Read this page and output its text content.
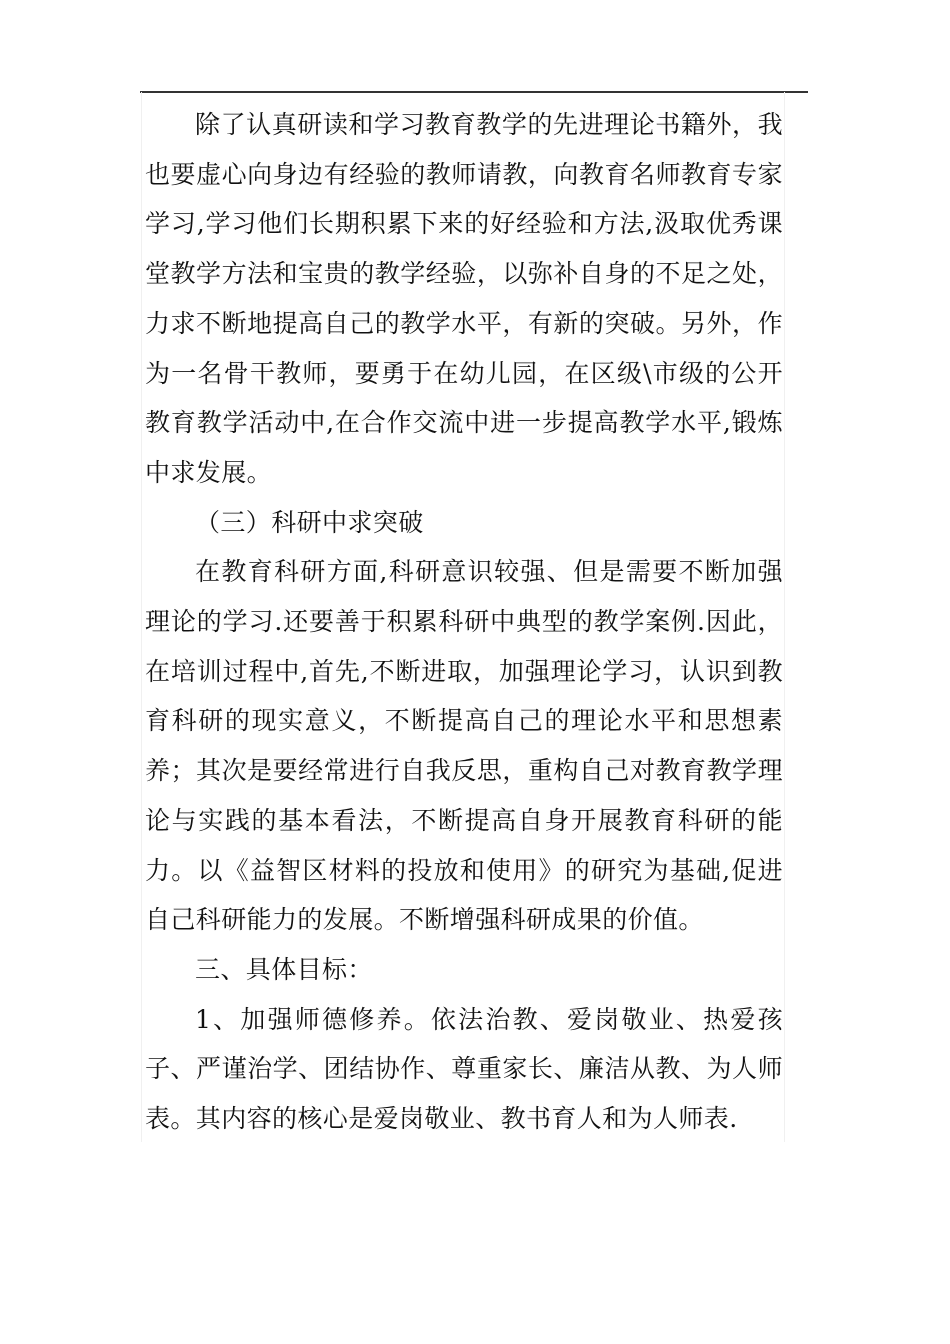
除了认真研读和学习教育教学的先进理论书籍外，我也要虚心向身边有经验的教师请教，向教育名师教育专家学习,学习他们长期积累下来的好经验和方法,汲取优秀课堂教学方法和宝贵的教学经验，以弥补自身的不足之处，力求不断地提高自己的教学水平，有新的突破。另外，作为一名骨干教师，要勇于在幼儿园，在区级\市级的公开教育教学活动中,在合作交流中进一步提高教学水平,锻炼中求发展。

（三）科研中求突破

在教育科研方面,科研意识较强、但是需要不断加强理论的学习.还要善于积累科研中典型的教学案例.因此，在培训过程中,首先,不断进取，加强理论学习，认识到教育科研的现实意义，不断提高自己的理论水平和思想素养；其次是要经常进行自我反思，重构自己对教育教学理论与实践的基本看法，不断提高自身开展教育科研的能力。以《益智区材料的投放和使用》的研究为基础,促进自己科研能力的发展。不断增强科研成果的价值。

三、具体目标：

1、加强师德修养。依法治教、爱岗敬业、热爱孩子、严谨治学、团结协作、尊重家长、廉洁从教、为人师表。其内容的核心是爱岗敬业、教书育人和为人师表.
